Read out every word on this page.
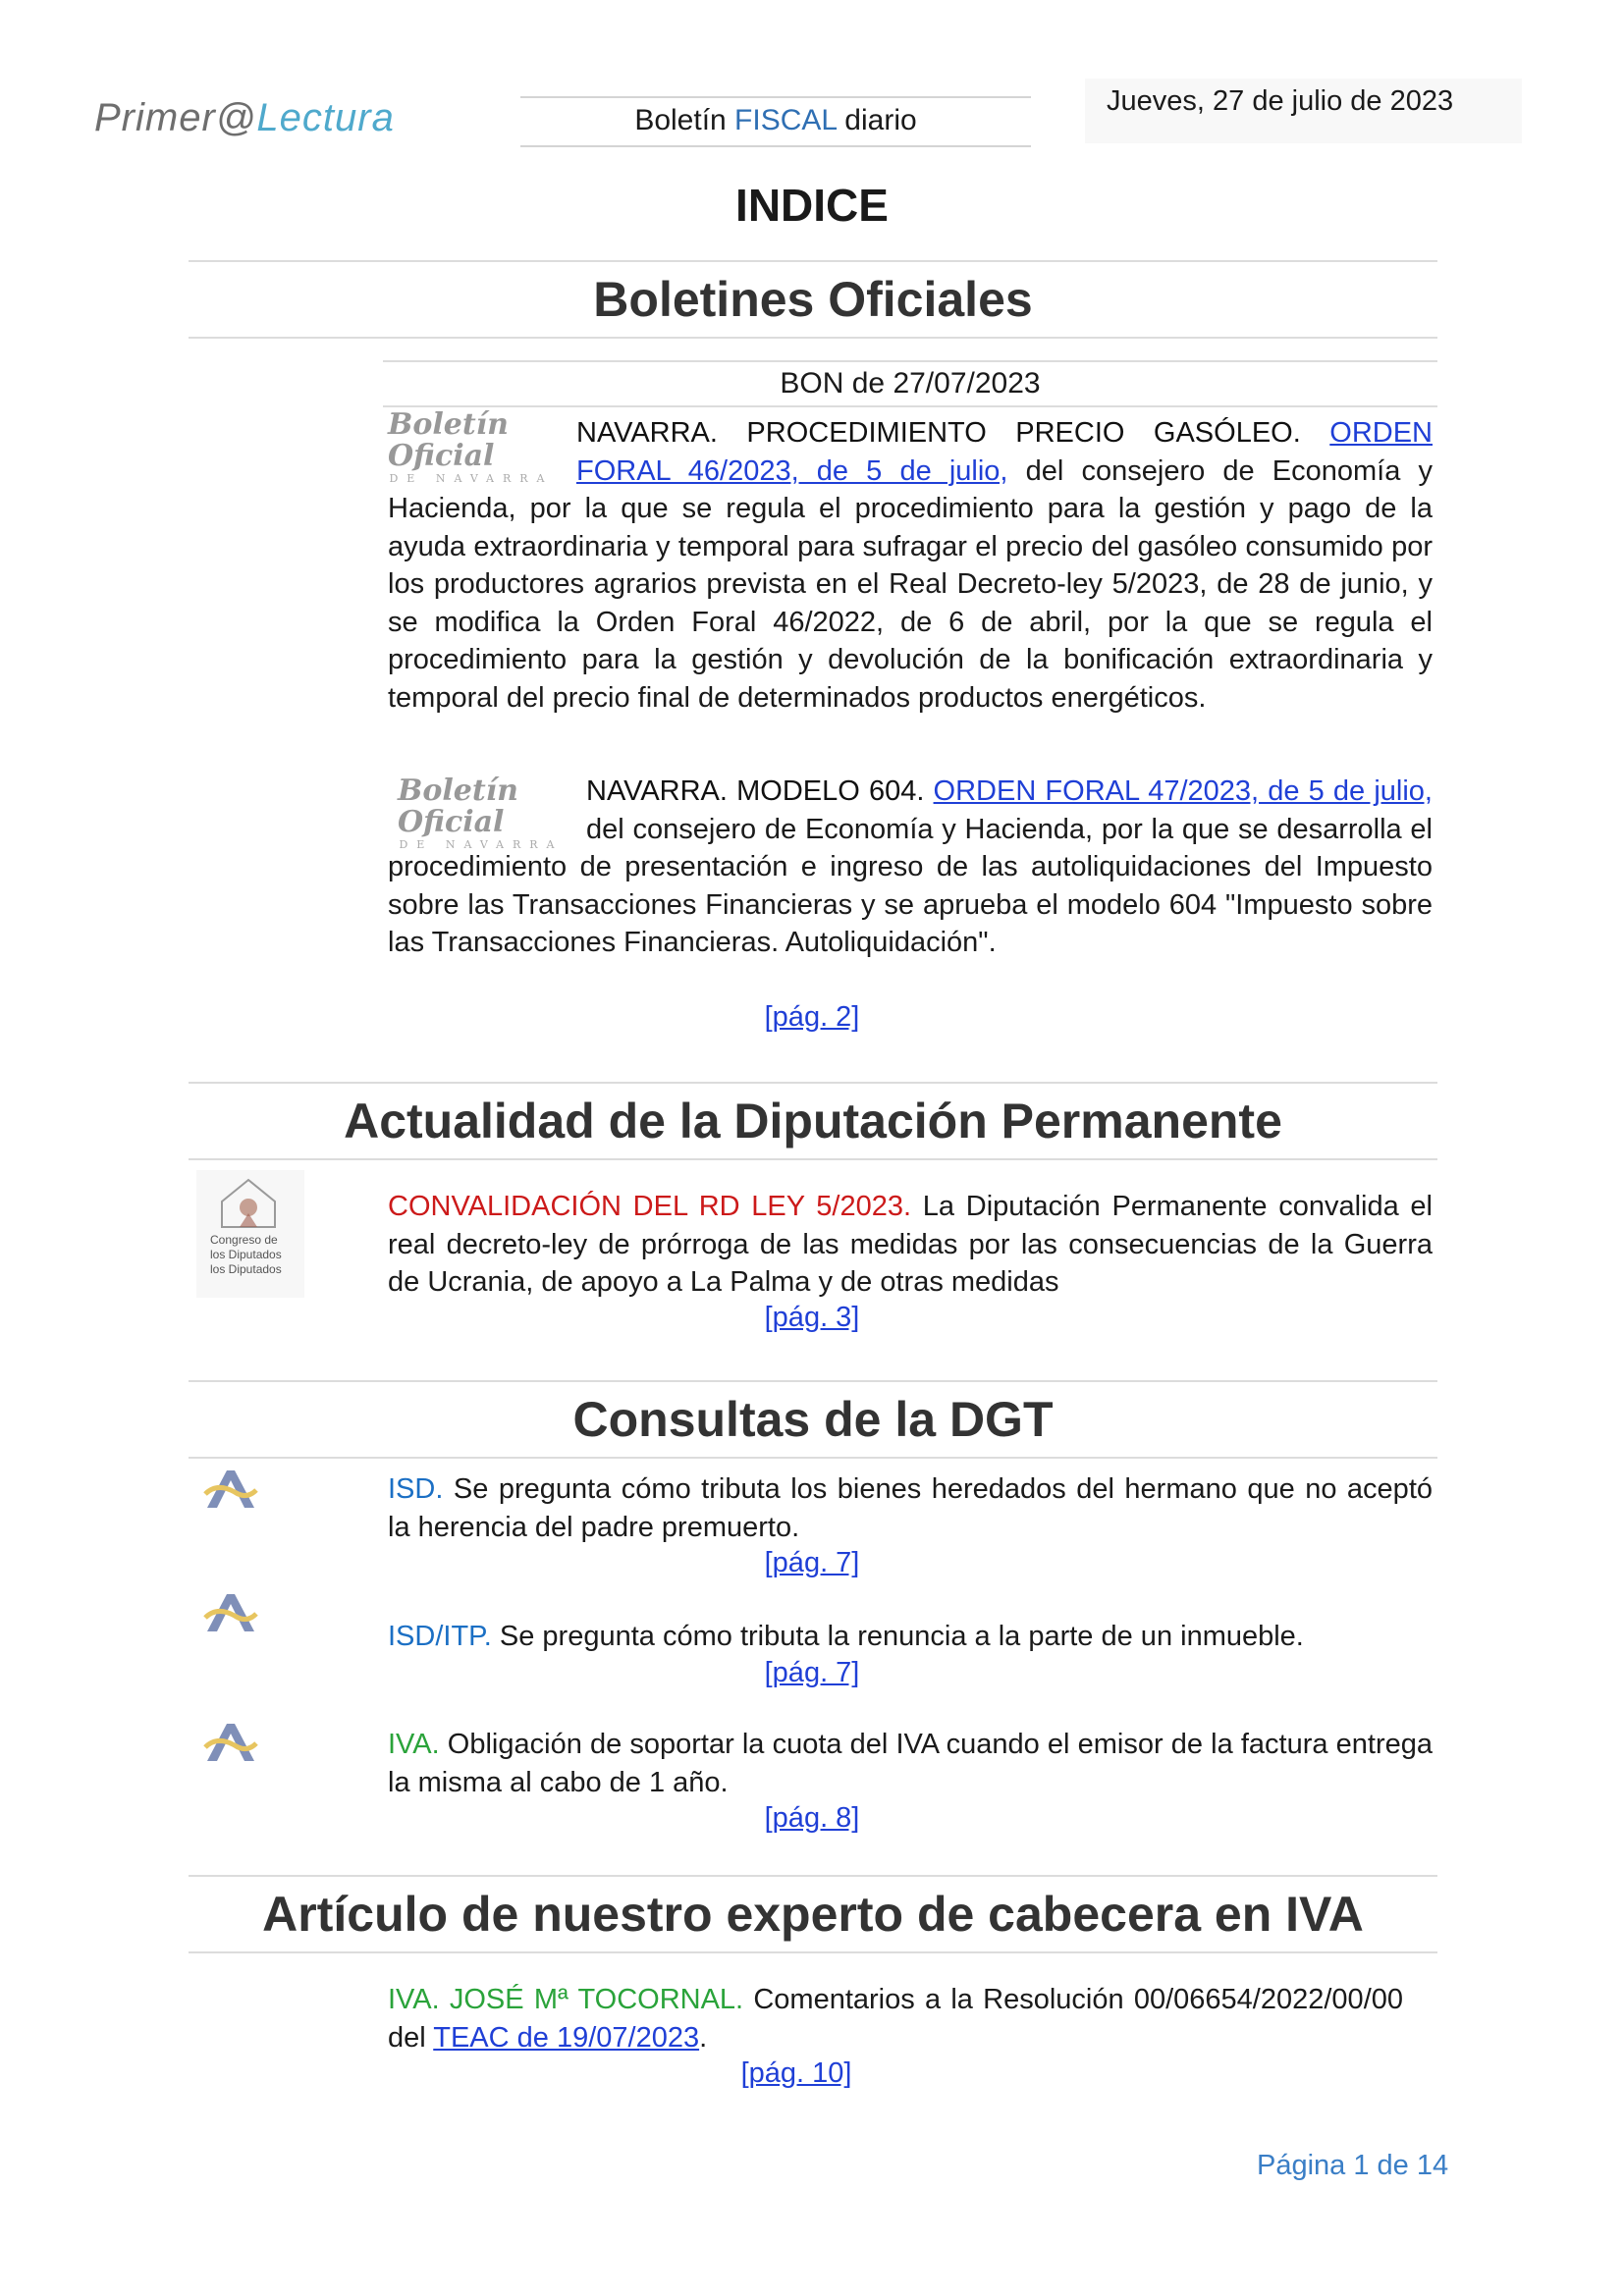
Primer@Lectura	Boletín FISCAL diario
Jueves, 27 de julio de 2023
INDICE
Boletines Oficiales
BON de 27/07/2023
Boletín Oficial
DE NAVARRA
NAVARRA. PROCEDIMIENTO PRECIO GASÓLEO. ORDEN FORAL 46/2023, de 5 de julio, del consejero de Economía y Hacienda, por la que se regula el procedimiento para la gestión y pago de la ayuda extraordinaria y temporal para sufragar el precio del gasóleo consumido por los productores agrarios prevista en el Real Decreto-ley 5/2023, de 28 de junio, y se modifica la Orden Foral 46/2022, de 6 de abril, por la que se regula el procedimiento para la gestión y devolución de la bonificación extraordinaria y temporal del precio final de determinados productos energéticos.
Boletín Oficial
DE NAVARRA
NAVARRA. MODELO 604. ORDEN FORAL 47/2023, de 5 de julio, del consejero de Economía y Hacienda, por la que se desarrolla el procedimiento de presentación e ingreso de las autoliquidaciones del Impuesto sobre las Transacciones Financieras y se aprueba el modelo 604 "Impuesto sobre las Transacciones Financieras. Autoliquidación".
[pág. 2]
Actualidad de la Diputación Permanente
Congreso de
los Diputados
los Diputados
CONVALIDACIÓN DEL RD LEY 5/2023. La Diputación Permanente convalida el real decreto-ley de prórroga de las medidas por las consecuencias de la Guerra de Ucrania, de apoyo a La Palma y de otras medidas
[pág. 3]
Consultas de la DGT
ISD. Se pregunta cómo tributa los bienes heredados del hermano que no aceptó la herencia del padre premuerto.
[pág. 7]
ISD/ITP. Se pregunta cómo tributa la renuncia a la parte de un inmueble.
[pág. 7]
IVA. Obligación de soportar la cuota del IVA cuando el emisor de la factura entrega la misma al cabo de 1 año.
[pág. 8]
Artículo de nuestro experto de cabecera en IVA
IVA. JOSÉ Mª TOCORNAL. Comentarios a la Resolución 00/06654/2022/00/00 del TEAC de 19/07/2023.
[pág. 10]
Página 1 de 14
